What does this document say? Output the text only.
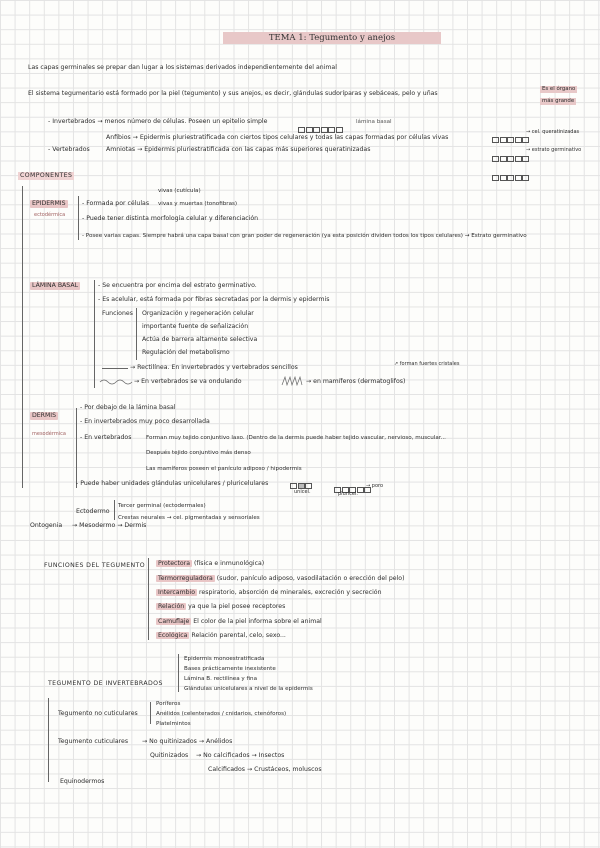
TEMA 1: Tegumento y anejos
Las capas germinales se prepar dan lugar a los sistemas derivados independientemente del animal
El sistema tegumentario está formado por la piel (tegumento) y sus anejos, es decir, glándulas sudoríparas y sebáceas, pelo y uñas
Es el órgano
más grande
- Invertebrados → menos número de células. Poseen un epitelio simple	lámina basal
Anfibios → Epidermis pluriestratificada con ciertos tipos celulares y todas las capas formadas por células vivas
- Vertebrados	Amniotas → Epidermis pluriestratificada con las capas más superiores queratinizadas
→ cel. queratinizadas
→ estrato germinativo
COMPONENTES
EPIDERMIS
ectodérmica
vivas (cutícula)
- Formada por células vivas y muertas (tonofibras)
- Puede tener distinta morfología celular y diferenciación
- Posee varias capas. Siempre habrá una capa basal con gran poder de regeneración (ya esta posición dividen todos los tipos celulares) → Estrato germinativo
LÁMINA BASAL	- Se encuentra por encima del estrato germinativo.
- Es acelular, está formada por fibras secretadas por la dermis y epidermis
Funciones Organización y regeneración celular
importante fuente de señalización
Actúa de barrera altamente selectiva
Regulación del metabolismo
→ Rectilínea. En invertebrados y vertebrados sencillos	↗ forman fuertes cristales
→ En vertebrados se va ondulando	→ en mamíferos (dermatoglifos)
DERMIS
mesodérmica
- Por debajo de la lámina basal
- En invertebrados muy poco desarrollada
- En vertebrados	Forman muy tejido conjuntivo laxo. (Dentro de la dermis puede haber tejido vascular, nervioso, muscular...
Después tejido conjuntivo más denso
Las mamíferos poseen el panículo adiposo / hipodermis
- Puede haber unidades glándulas unicelulares / pluricelulares
unicel.	pluricel.
→ poro
Ontogenia
Ectodermo
Tercer germinal (ectodermales)
Crestas neurales → cel. pigmentadas y sensoriales
→ Mesodermo → Dermis
FUNCIONES DEL TEGUMENTO	Protectora (física e inmunológica)
Termorreguladora (sudor, panículo adiposo, vasodilatación o erección del pelo)
Intercambio respiratorio, absorción de minerales, excreción y secreción
Relación ya que la piel posee receptores
Camuflaje El color de la piel informa sobre el animal
Ecológica Relación parental, celo, sexo...
TEGUMENTO DE INVERTEBRADOS
Epidermis monoestratificada
Bases prácticamente inexistente
Lámina B. rectilínea y fina
Glándulas unicelulares a nivel de la epidermis
Tegumento no cuticulares
Poríferos
Anélidos (celenterados / cnidarios, ctenóforos)
Platelmintos
Tegumento cuticulares → No quitinizados → Anélidos
Quitinizados → No calcificados → Insectos
Calcificados → Crustáceos, moluscos
Equinodermos
